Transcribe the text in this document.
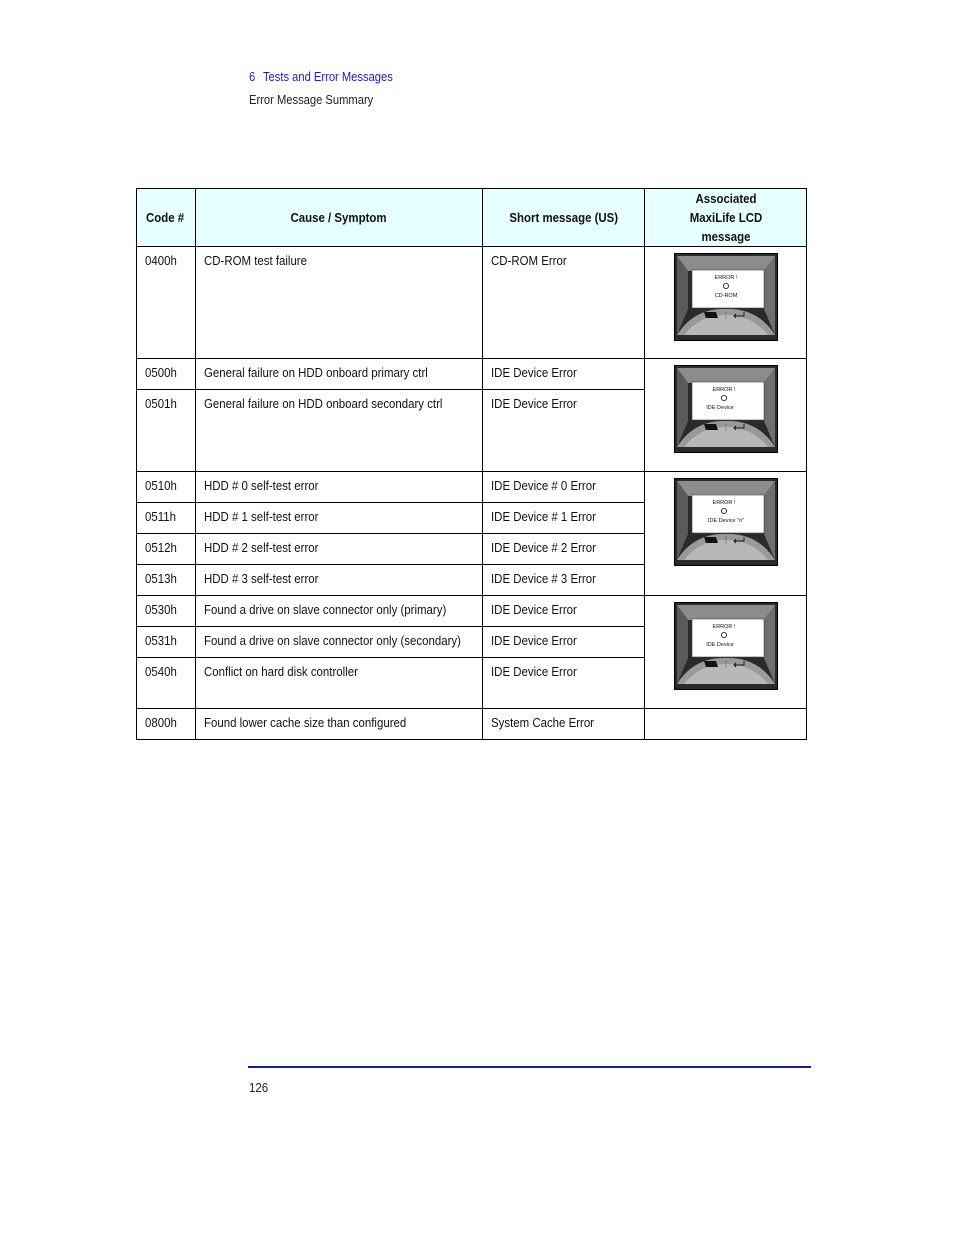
6 Tests and Error Messages
Error Message Summary
Code #	Cause / Symptom	Short message (US)	Associated MaxiLife LCD message
0400h	CD-ROM test failure	CD-ROM Error	ERROR !
CD-ROM

0500h	General failure on HDD onboard primary ctrl	IDE Device Error	ERROR !
IDE Device

0501h	General failure on HDD onboard secondary ctrl	IDE Device Error	
0510h	HDD # 0 self-test error	IDE Device # 0 Error	ERROR !
IDE Device "n"

0511h	HDD # 1 self-test error	IDE Device # 1 Error	
0512h	HDD # 2 self-test error	IDE Device # 2 Error	
0513h	HDD # 3 self-test error	IDE Device # 3 Error	
0530h	Found a drive on slave connector only (primary)	IDE Device Error	ERROR !
IDE Device

0531h	Found a drive on slave connector only (secondary)	IDE Device Error	
0540h	Conflict on hard disk controller	IDE Device Error	
0800h	Found lower cache size than configured	System Cache Error	
126
